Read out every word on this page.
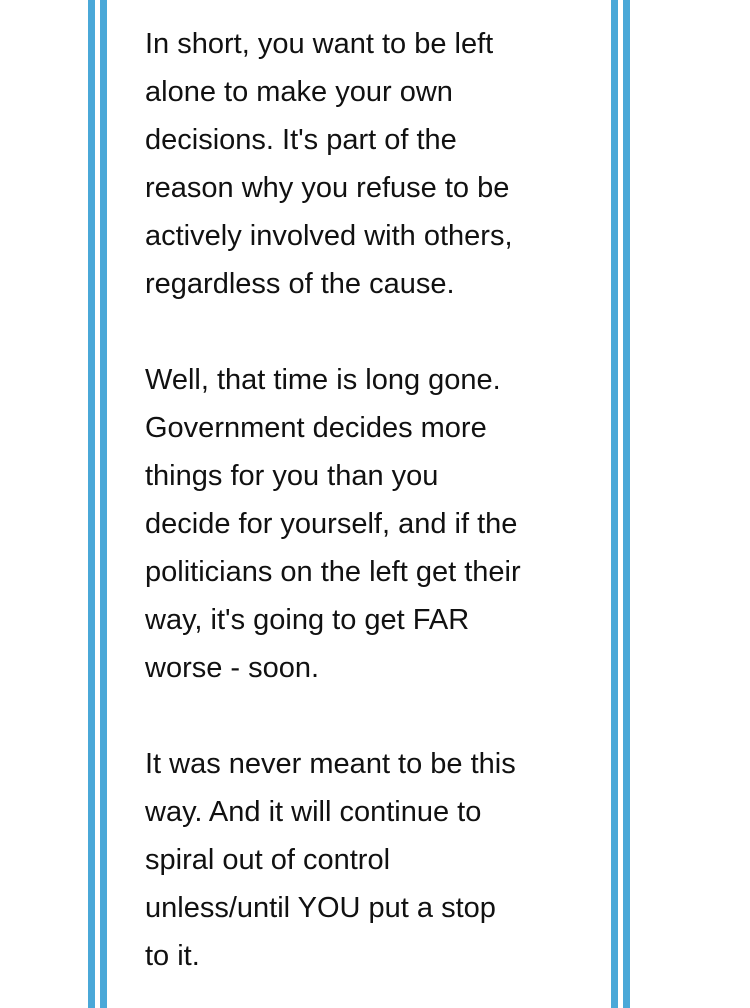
In short, you want to be left
alone to make your own
decisions. It's part of the
reason why you refuse to be
actively involved with others,
regardless of the cause.

Well, that time is long gone.
Government decides more
things for you than you
decide for yourself, and if the
politicians on the left get their
way, it's going to get FAR
worse - soon.

It was never meant to be this
way. And it will continue to
spiral out of control
unless/until YOU put a stop
to it.
